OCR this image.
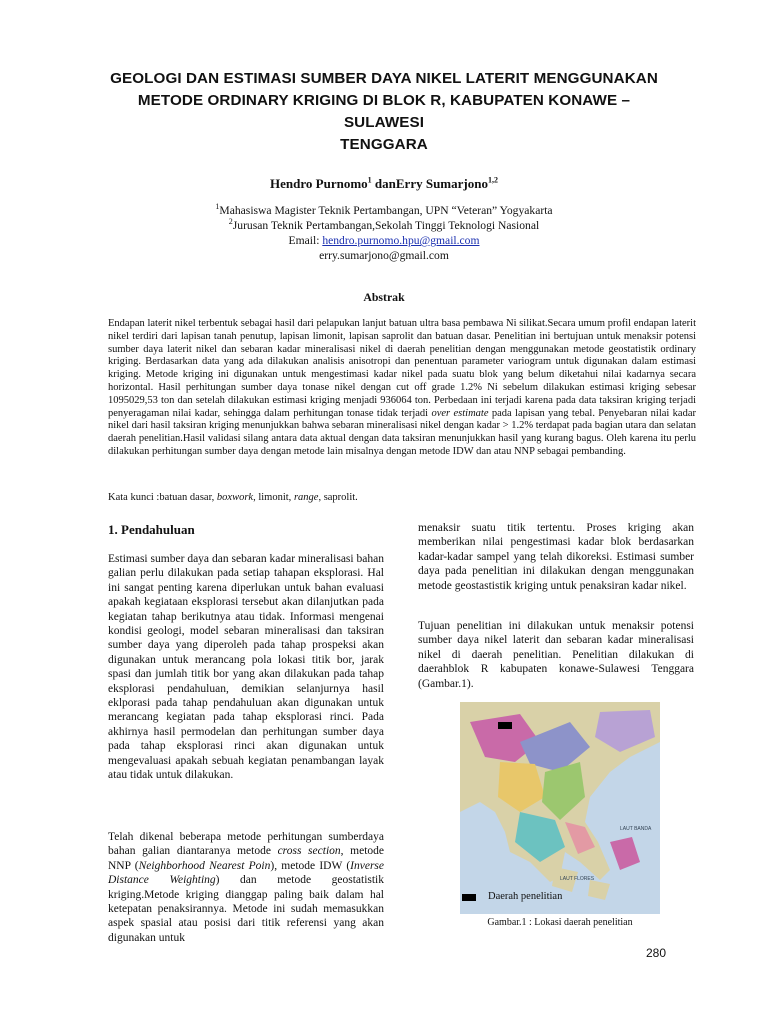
GEOLOGI DAN ESTIMASI SUMBER DAYA NIKEL LATERIT MENGGUNAKAN
METODE ORDINARY KRIGING DI BLOK R, KABUPATEN KONAWE – SULAWESI
TENGGARA
Hendro Purnomo$^1$ danErry Sumarjono$^{1,2}$
$^1$Mahasiswa Magister Teknik Pertambangan, UPN “Veteran” Yogyakarta
$^2$Jurusan Teknik Pertambangan,Sekolah Tinggi Teknologi Nasional
Email: hendro.purnomo.hpu@gmail.com
erry.sumarjono@gmail.com
Abstrak

Endapan laterit nikel terbentuk sebagai hasil dari pelapukan lanjut batuan ultra basa pembawa Ni silikat.Secara umum profil endapan laterit nikel terdiri dari lapisan tanah penutup, lapisan limonit, lapisan saprolit dan batuan dasar. Penelitian ini bertujuan untuk menaksir potensi sumber daya laterit nikel dan sebaran kadar mineralisasi nikel di daerah penelitian dengan menggunakan metode geostatistik ordinary kriging. Berdasarkan data yang ada dilakukan analisis anisotropi dan penentuan parameter variogram untuk digunakan dalam estimasi kriging. Metode kriging ini digunakan untuk mengestimasi kadar nikel pada suatu blok yang belum diketahui nilai kadarnya secara horizontal. Hasil perhitungan sumber daya tonase nikel dengan cut off grade 1.2% Ni sebelum dilakukan estimasi kriging sebesar 1095029,53 ton dan setelah dilakukan estimasi kriging menjadi 936064 ton. Perbedaan ini terjadi karena pada data taksiran kriging terjadi penyeragaman nilai kadar, sehingga dalam perhitungan tonase tidak terjadi over estimate pada lapisan yang tebal. Penyebaran nilai kadar nikel dari hasil taksiran kriging menunjukkan bahwa sebaran mineralisasi nikel dengan kadar > 1.2% terdapat pada bagian utara dan selatan daerah penelitian.Hasil validasi silang antara data aktual dengan data taksiran menunjukkan hasil yang kurang bagus. Oleh karena itu perlu dilakukan perhitungan sumber daya dengan metode lain misalnya dengan metode IDW dan atau NNP sebagai pembanding.

Kata kunci :batuan dasar, boxwork, limonit, range, saprolit.

1. Pendahuluan

Estimasi sumber daya dan sebaran kadar mineralisasi bahan galian perlu dilakukan pada setiap tahapan eksplorasi. Hal ini sangat penting karena diperlukan untuk bahan evaluasi apakah kegiataan eksplorasi tersebut akan dilanjutkan pada kegiatan tahap berikutnya atau tidak. Informasi mengenai kondisi geologi, model sebaran mineralisasi dan taksiran sumber daya yang diperoleh pada tahap prospeksi akan digunakan untuk merancang pola lokasi titik bor, jarak spasi dan jumlah titik bor yang akan dilakukan pada tahap eksplorasi pendahuluan, demikian selanjurnya hasil eklporasi pada tahap pendahuluan akan digunakan untuk merancang kegiatan pada tahap eksplorasi rinci. Pada akhirnya hasil permodelan dan perhitungan sumber daya pada tahap eksplorasi rinci akan digunakan untuk mengevaluasi apakah sebuah kegiatan penambangan layak atau tidak untuk dilakukan.

Telah dikenal beberapa metode perhitungan sumberdaya bahan galian diantaranya metode cross section, metode NNP (Neighborhood Nearest Poin), metode IDW (Inverse Distance Weighting) dan metode geostatistik kriging.Metode kriging dianggap paling baik dalam hal ketepatan penaksirannya. Metode ini sudah memasukkan aspek spasial atau posisi dari titik referensi yang akan digunakan untuk

menaksir suatu titik tertentu. Proses kriging akan memberikan nilai pengestimasi kadar blok berdasarkan kadar-kadar sampel yang telah dikoreksi. Estimasi sumber daya pada penelitian ini dilakukan dengan menggunakan metode geostastistik kriging untuk penaksiran kadar nikel.

Tujuan penelitian ini dilakukan untuk menaksir potensi sumber daya nikel laterit dan sebaran kadar mineralisasi nikel di daerah penelitian. Penelitian dilakukan di daerahblok R kabupaten konawe-Sulawesi Tenggara (Gambar.1).

LAUT BANDA
LAUT FLORES
Daerah penelitian
Gambar.1 : Lokasi daerah penelitian
280
